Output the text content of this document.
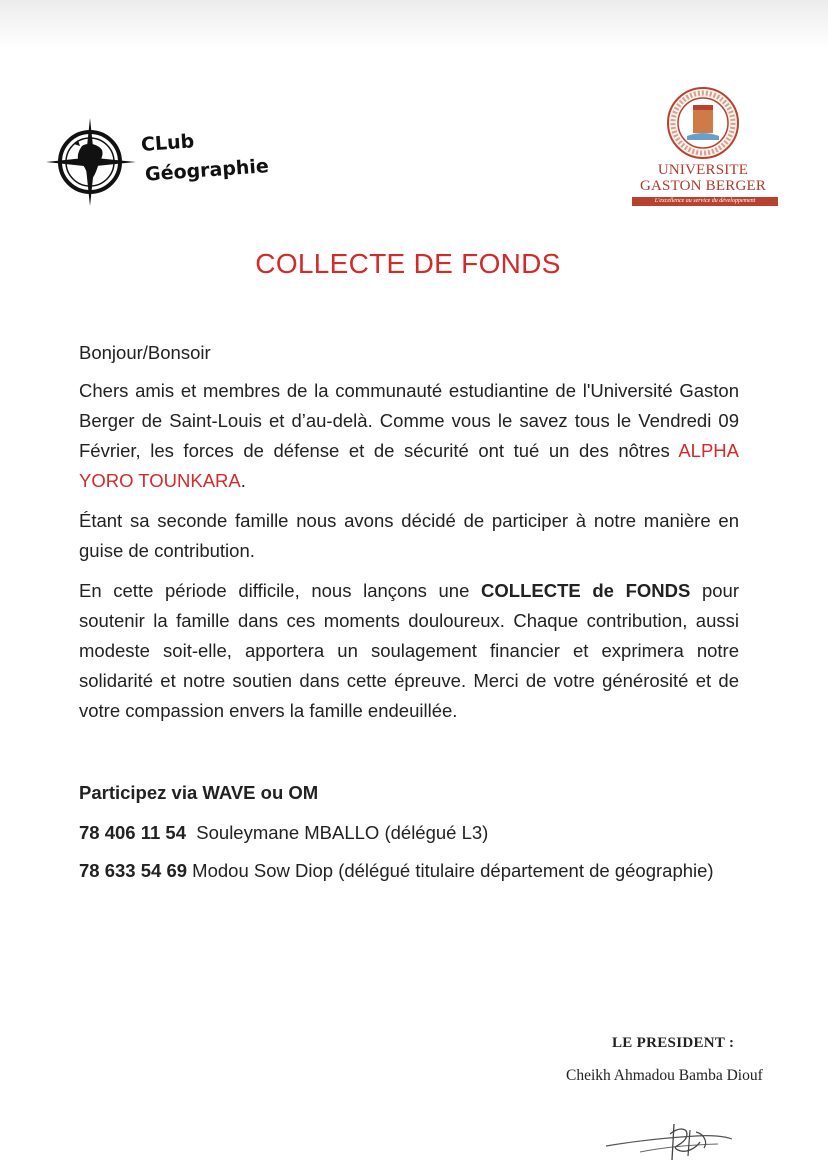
CLub
Géographie	UNIVERSITE
GASTON BERGER
L'excellence au service du développement
COLLECTE DE FONDS

Bonjour/Bonsoir

Chers amis et membres de la communauté estudiantine de l'Université Gaston Berger de Saint-Louis et d’au-delà. Comme vous le savez tous le Vendredi 09 Février, les forces de défense et de sécurité ont tué un des nôtres ALPHA YORO TOUNKARA.

Étant sa seconde famille nous avons décidé de participer à notre manière en guise de contribution.

En cette période difficile, nous lançons une COLLECTE de FONDS pour soutenir la famille dans ces moments douloureux. Chaque contribution, aussi modeste soit-elle, apportera un soulagement financier et exprimera notre solidarité et notre soutien dans cette épreuve. Merci de votre générosité et de votre compassion envers la famille endeuillée.

Participez via WAVE ou OM

78 406 11 54 Souleymane MBALLO (délégué L3)

78 633 54 69 Modou Sow Diop (délégué titulaire département de géographie)

LE PRESIDENT :
Cheikh Ahmadou Bamba Diouf
